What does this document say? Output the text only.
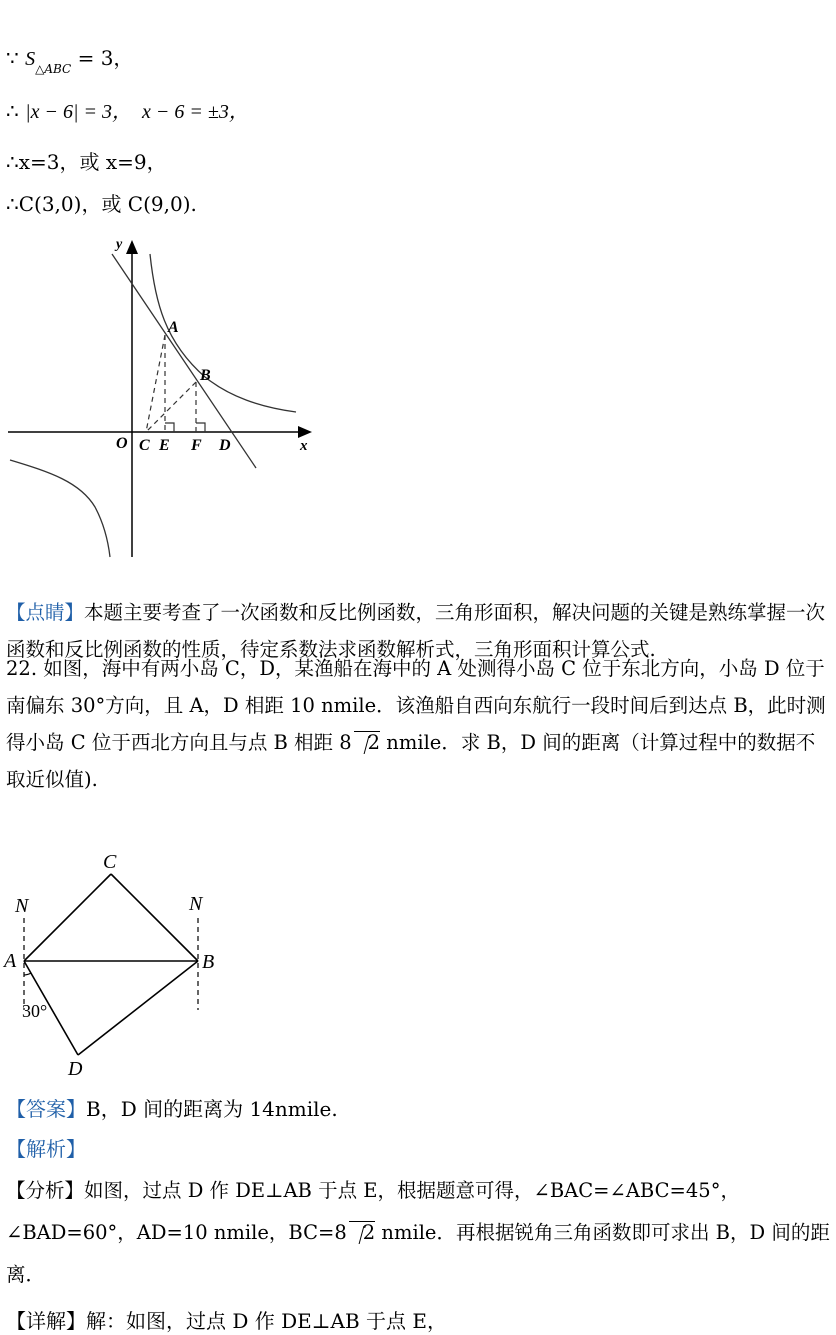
∵ $S_{\triangle ABC} = 3$，
∴ |x − 6| = 3， x − 6 = ±3，
∴x=3，或 x=9，
∴C(3,0)，或 C(9,0).
y
x
O
A
B
C E F D
【点睛】本题主要考查了一次函数和反比例函数，三角形面积，解决问题的关键是熟练掌握一次函数和反比例函数的性质，待定系数法求函数解析式，三角形面积计算公式.
22. 如图，海中有两小岛 C，D，某渔船在海中的 A 处测得小岛 C 位于东北方向，小岛 D 位于南偏东 30°方向，且 A，D 相距 10 nmile．该渔船自西向东航行一段时间后到达点 B，此时测得小岛 C 位于西北方向且与点 B 相距 8 2 nmile．求 B，D 间的距离（计算过程中的数据不取近似值).
C
N	N
A	B
D
30°
【答案】B，D 间的距离为 14nmile.
【解析】
【分析】如图，过点 D 作 DE⊥AB 于点 E，根据题意可得，∠BAC=∠ABC=45°，∠BAD=60°，AD=10 nmile，BC=8 2 nmile．再根据锐角三角函数即可求出 B，D 间的距离．
【详解】解：如图，过点 D 作 DE⊥AB 于点 E，
